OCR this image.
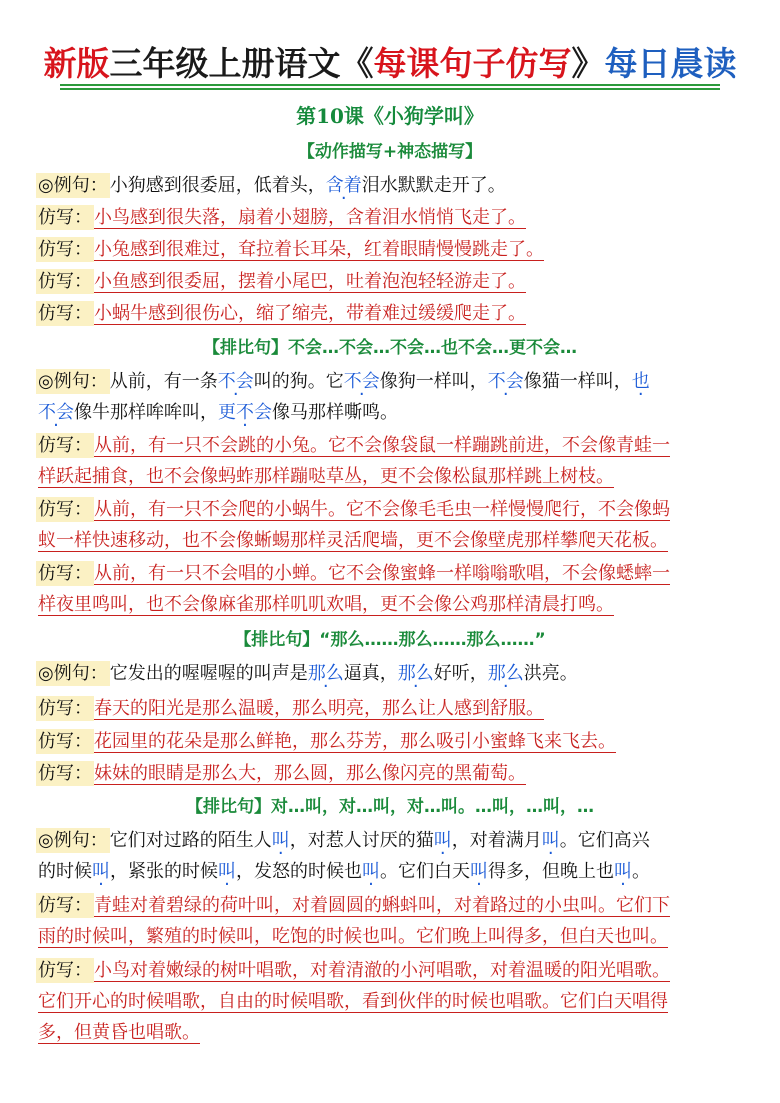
新版三年级上册语文《每课句子仿写》每日晨读
第10课《小狗学叫》
【动作描写+神态描写】
◎例句： 小狗感到很委屈，低着头，含着泪水默默走开了。
仿写： 小鸟感到很失落，扇着小翅膀，含着泪水悄悄飞走了。
仿写： 小兔感到很难过，耷拉着长耳朵，红着眼睛慢慢跳走了。
仿写： 小鱼感到很委屈，摆着小尾巴，吐着泡泡轻轻游走了。
仿写： 小蜗牛感到很伤心，缩了缩壳，带着难过缓缓爬走了。
【排比句】不会…不会…不会…也不会…更不会…
◎例句： 从前，有一条不会叫的狗。它不会像狗一样叫，不会像猫一样叫，也
不会像牛那样哞哞叫，更不会像马那样嘶鸣。
仿写： 从前，有一只不会跳的小兔。它不会像袋鼠一样蹦跳前进，不会像青蛙一
样跃起捕食，也不会像蚂蚱那样蹦哒草丛，更不会像松鼠那样跳上树枝。
仿写： 从前，有一只不会爬的小蜗牛。它不会像毛毛虫一样慢慢爬行，不会像蚂
蚁一样快速移动，也不会像蜥蜴那样灵活爬墙，更不会像壁虎那样攀爬天花板。
仿写： 从前，有一只不会唱的小蝉。它不会像蜜蜂一样嗡嗡歌唱，不会像蟋蟀一
样夜里鸣叫，也不会像麻雀那样叽叽欢唱，更不会像公鸡那样清晨打鸣。
【排比句】“那么……那么……那么……”
◎例句： 它发出的喔喔喔的叫声是那么逼真，那么好听，那么洪亮。
仿写： 春天的阳光是那么温暖，那么明亮，那么让人感到舒服。
仿写： 花园里的花朵是那么鲜艳，那么芬芳，那么吸引小蜜蜂飞来飞去。
仿写： 妹妹的眼睛是那么大，那么圆，那么像闪亮的黑葡萄。
【排比句】对…叫，对…叫，对…叫。…叫，…叫，…
◎例句： 它们对过路的陌生人叫，对惹人讨厌的猫叫，对着满月叫。它们高兴
的时候叫，紧张的时候叫，发怒的时候也叫。它们白天叫得多，但晚上也叫。
仿写： 青蛙对着碧绿的荷叶叫，对着圆圆的蝌蚪叫，对着路过的小虫叫。它们下
雨的时候叫，繁殖的时候叫，吃饱的时候也叫。它们晚上叫得多，但白天也叫。
仿写： 小鸟对着嫩绿的树叶唱歌，对着清澈的小河唱歌，对着温暖的阳光唱歌。
它们开心的时候唱歌，自由的时候唱歌，看到伙伴的时候也唱歌。它们白天唱得
多，但黄昏也唱歌。
